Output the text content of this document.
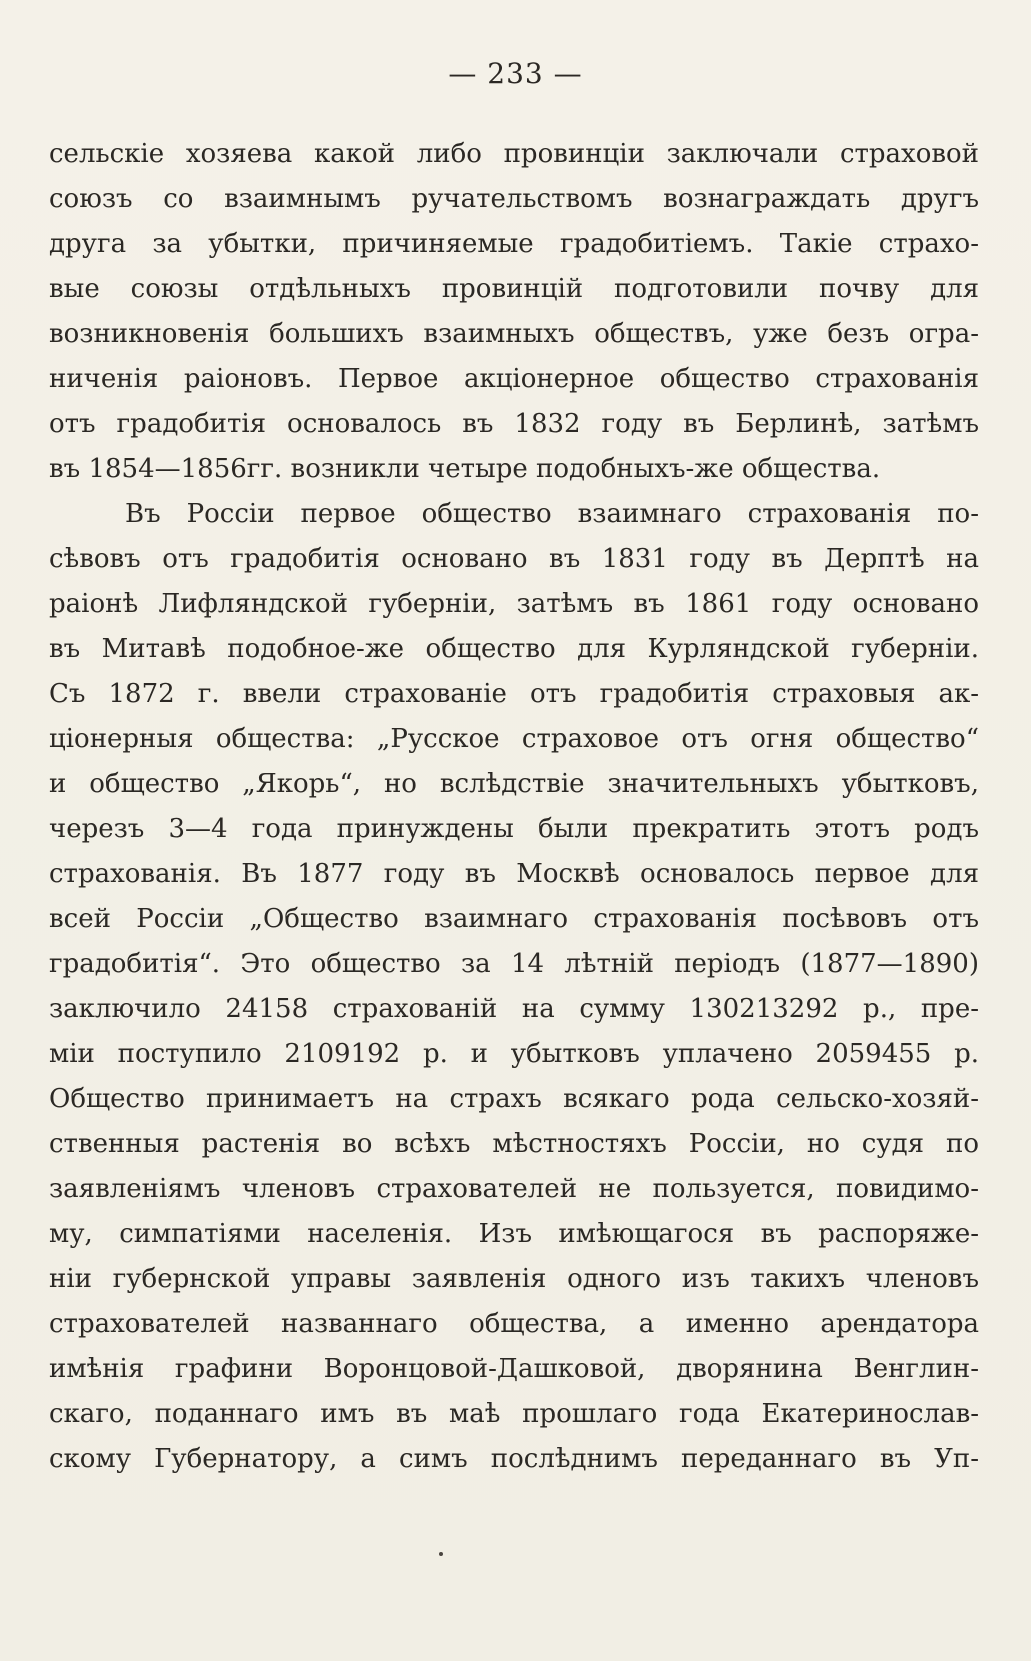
— 233 —
сельскiе хозяева какой либо провинцiи заключали страховой
союзъ со взаимнымъ ручательствомъ вознаграждать другъ
друга за убытки, причиняемые градобитiемъ. Такiе страхо-
вые союзы отдѣльныхъ провинцiй подготовили почву для
возникновенiя большихъ взаимныхъ обществъ, уже безъ огра-
ниченiя раiоновъ. Первое акцiонерное общество страхованiя
отъ градобитiя основалось въ 1832 году въ Берлинѣ, затѣмъ
въ 1854—1856гг. возникли четыре подобныхъ-же общества.
Въ Россiи первое общество взаимнаго страхованiя по-
сѣвовъ отъ градобитiя основано въ 1831 году въ Дерптѣ на
раiонѣ Лифляндской губернiи, затѣмъ въ 1861 году основано
въ Митавѣ подобное-же общество для Курляндской губернiи.
Съ 1872 г. ввели страхованiе отъ градобитiя страховыя ак-
цiонерныя общества: „Русское страховое отъ огня общество“
и общество „Якорь“, но вслѣдствiе значительныхъ убытковъ,
черезъ 3—4 года принуждены были прекратить этотъ родъ
страхованiя. Въ 1877 году въ Москвѣ основалось первое для
всей Россiи „Общество взаимнаго страхованiя посѣвовъ отъ
градобитiя“. Это общество за 14 лѣтнiй перiодъ (1877—1890)
заключило 24158 страхованiй на сумму 130213292 р., пре-
мiи поступило 2109192 р. и убытковъ уплачено 2059455 р.
Общество принимаетъ на страхъ всякаго рода сельско-хозяй-
ственныя растенiя во всѣхъ мѣстностяхъ Россiи, но судя по
заявленiямъ членовъ страхователей не пользуется, повидимо-
му, симпатiями населенiя. Изъ имѣющагося въ распоряже-
нiи губернской управы заявленiя одного изъ такихъ членовъ
страхователей названнаго общества, а именно арендатора
имѣнiя графини Воронцовой-Дашковой, дворянина Венглин-
скаго, поданнаго имъ въ маѣ прошлаго года Екатеринослав-
скому Губернатору, а симъ послѣднимъ переданнаго въ Уп-
